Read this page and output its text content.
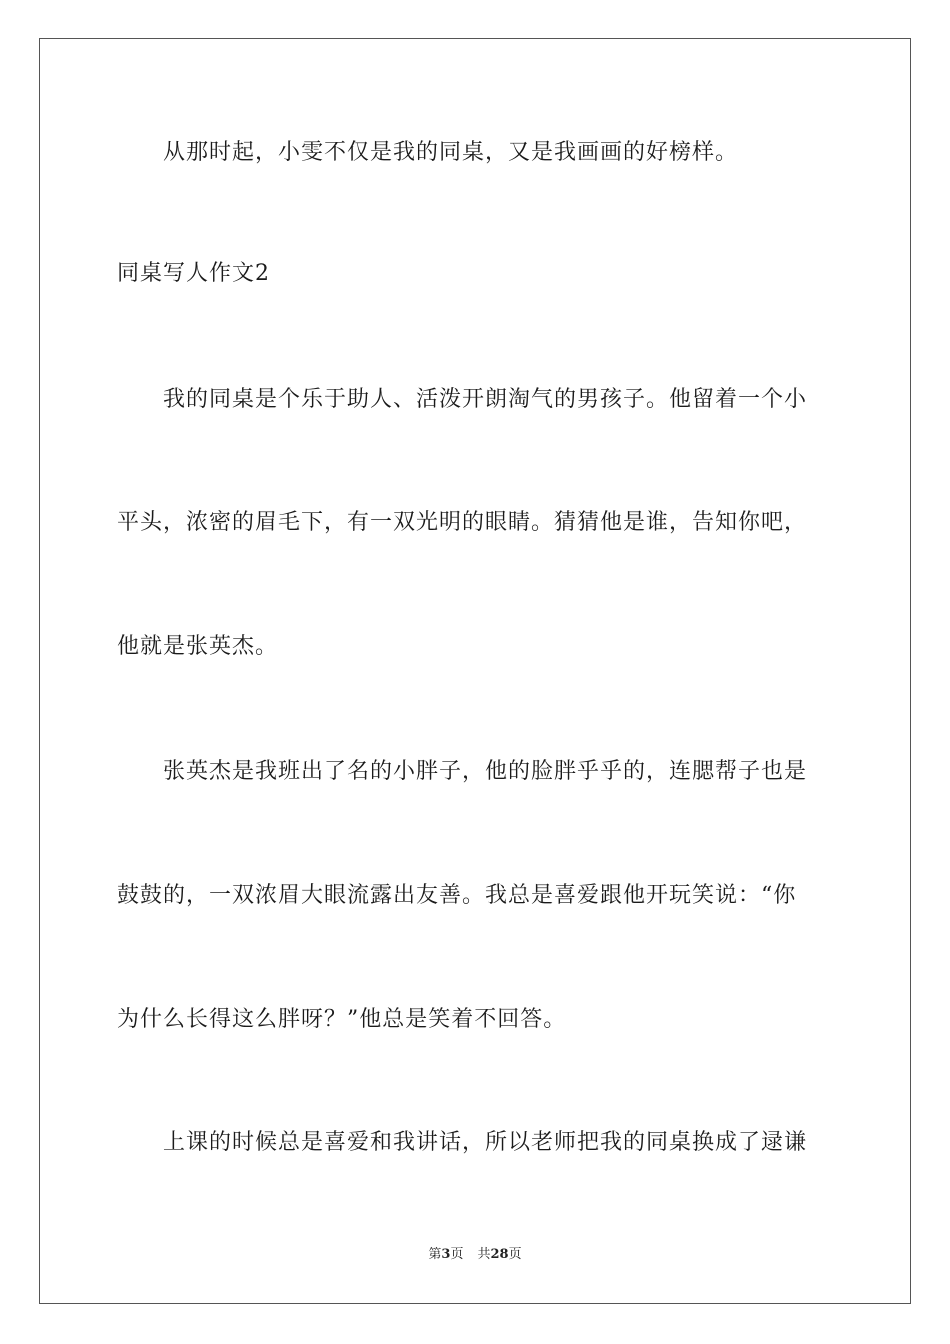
从那时起，小雯不仅是我的同桌，又是我画画的好榜样。
同桌写人作文2
我的同桌是个乐于助人、活泼开朗淘气的男孩子。他留着一个小
平头，浓密的眉毛下，有一双光明的眼睛。猜猜他是谁，告知你吧，
他就是张英杰。
张英杰是我班出了名的小胖子，他的脸胖乎乎的，连腮帮子也是
鼓鼓的，一双浓眉大眼流露出友善。我总是喜爱跟他开玩笑说：“你
为什么长得这么胖呀？”他总是笑着不回答。
上课的时候总是喜爱和我讲话，所以老师把我的同桌换成了逯谦
第3页 共28页
